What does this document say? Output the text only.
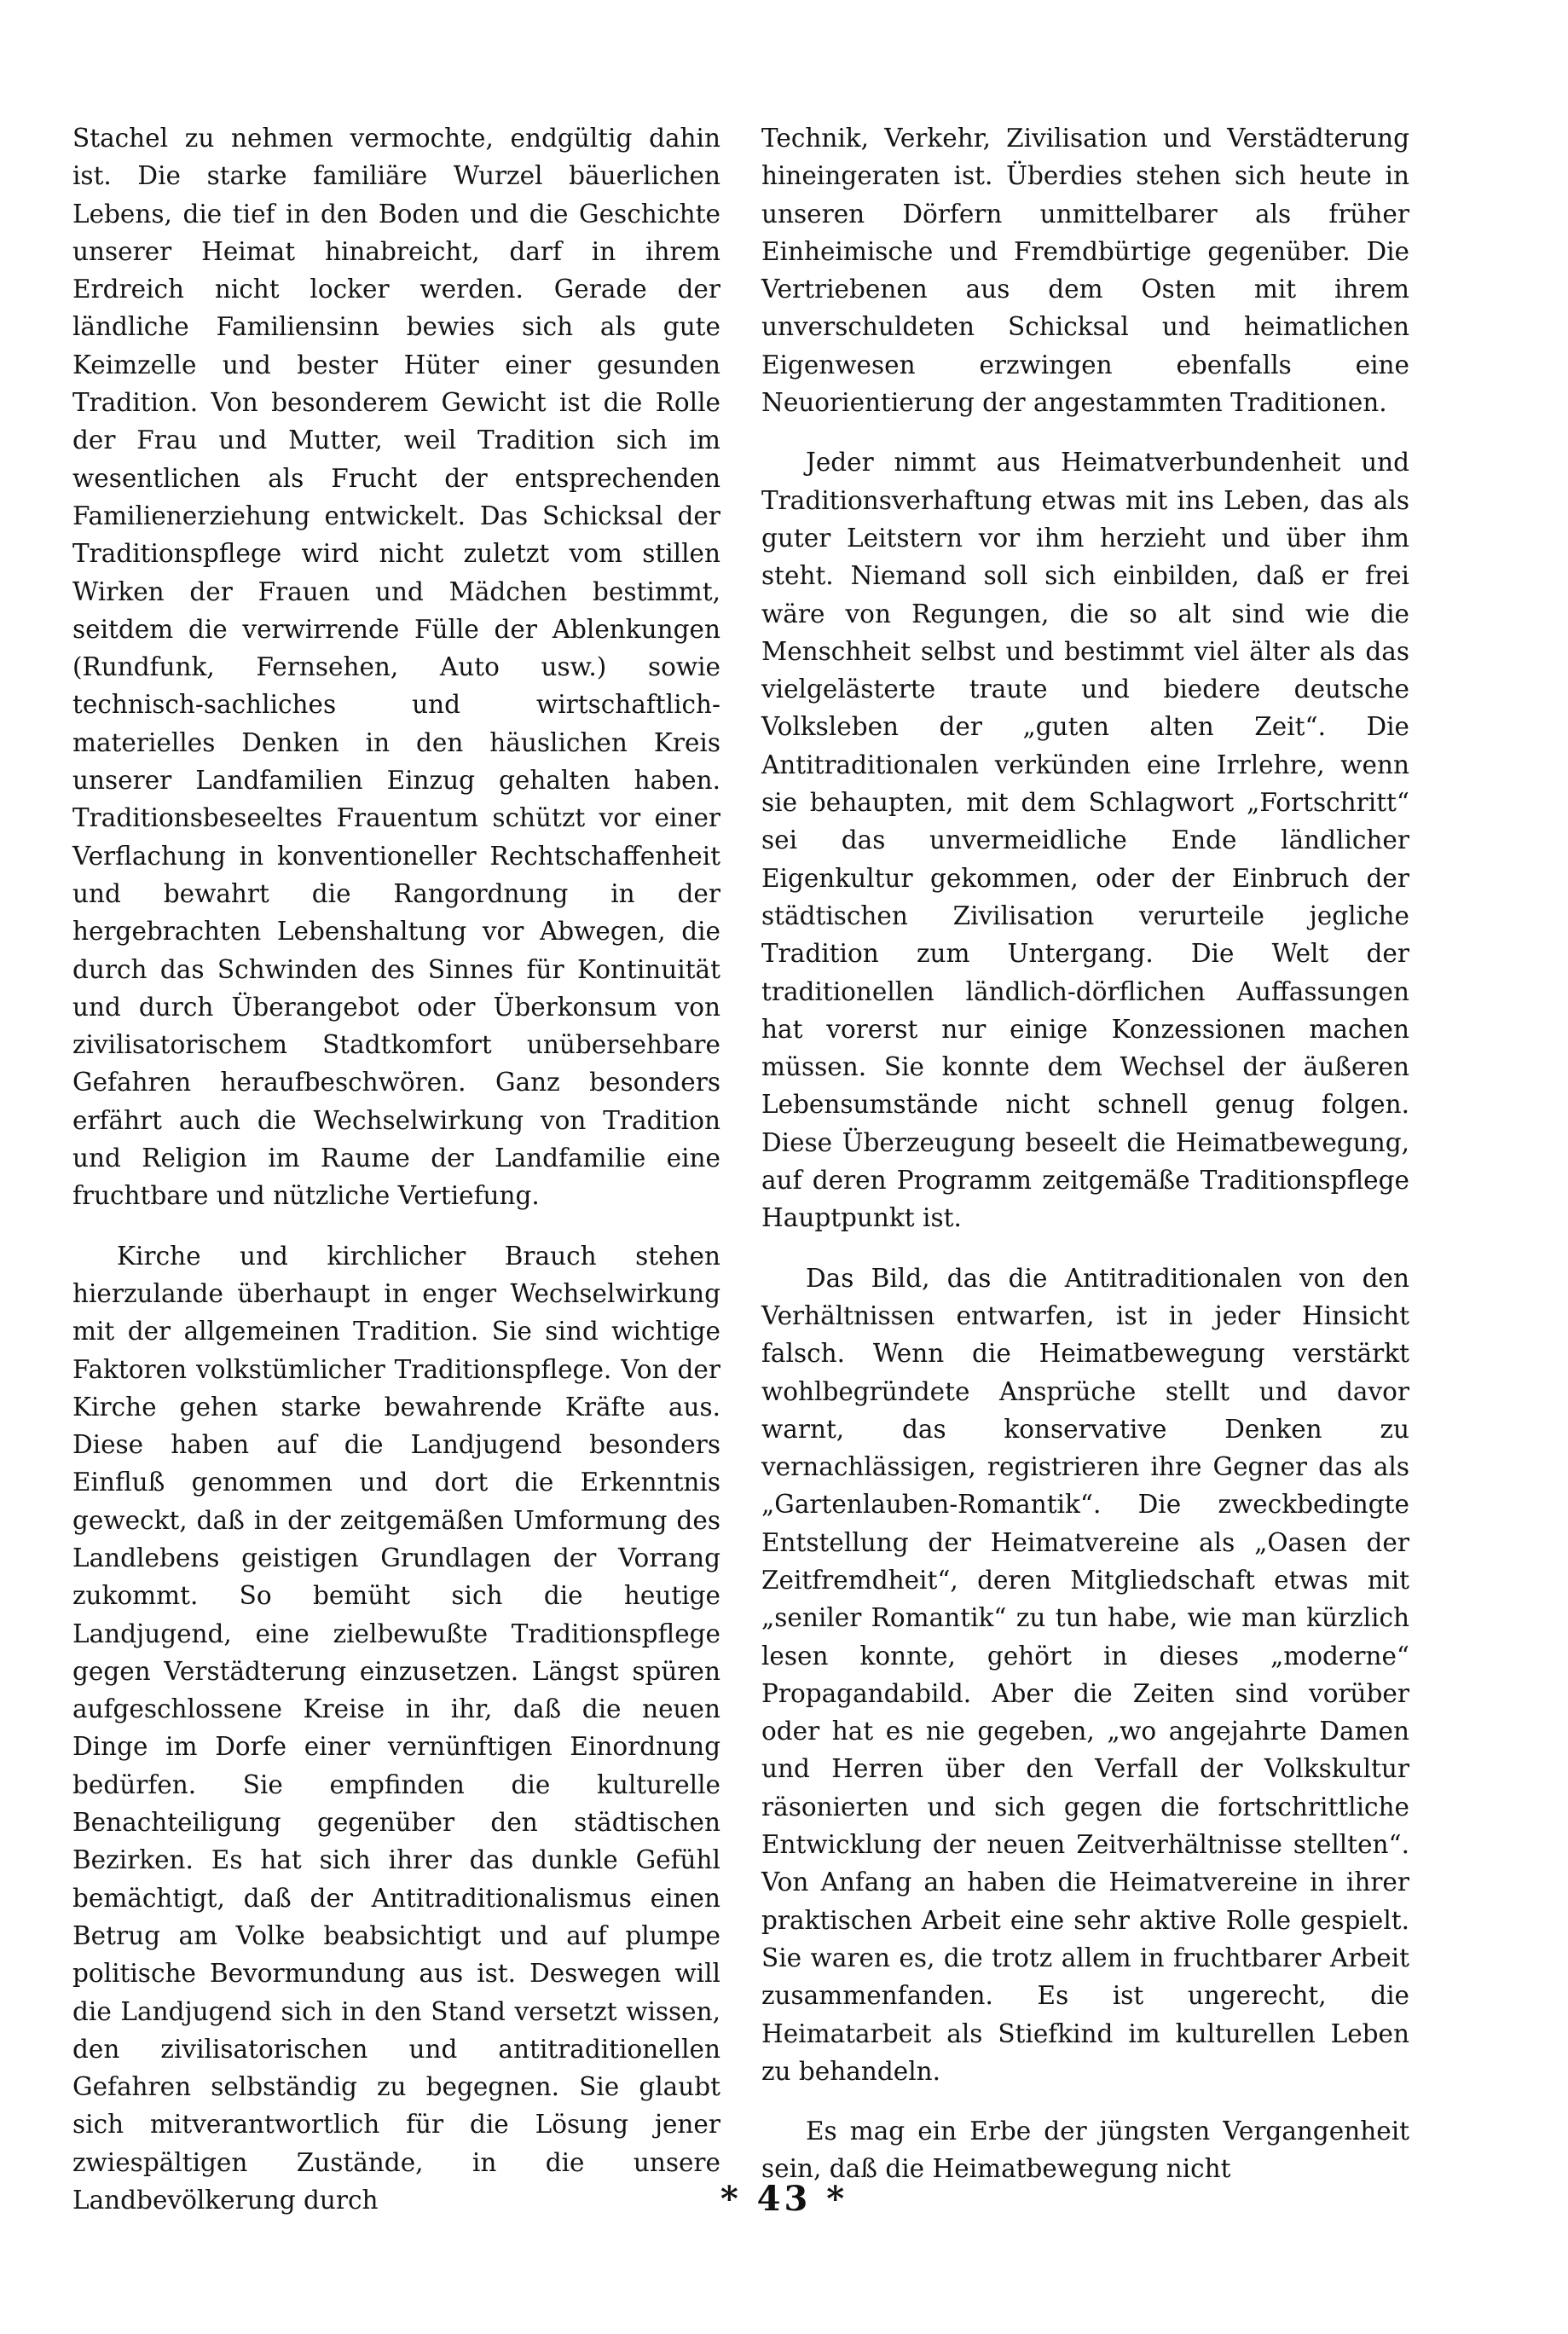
Stachel zu nehmen vermochte, endgültig dahin ist. Die starke familiäre Wurzel bäuerlichen Lebens, die tief in den Boden und die Geschichte unserer Heimat hinabreicht, darf in ihrem Erdreich nicht locker werden. Gerade der ländliche Familiensinn bewies sich als gute Keimzelle und bester Hüter einer gesunden Tradition. Von besonderem Gewicht ist die Rolle der Frau und Mutter, weil Tradition sich im wesentlichen als Frucht der entsprechenden Familienerziehung entwickelt. Das Schicksal der Traditionspflege wird nicht zuletzt vom stillen Wirken der Frauen und Mädchen bestimmt, seitdem die verwirrende Fülle der Ablenkungen (Rundfunk, Fernsehen, Auto usw.) sowie technisch-sachliches und wirtschaftlich-materielles Denken in den häuslichen Kreis unserer Landfamilien Einzug gehalten haben. Traditionsbeseeltes Frauentum schützt vor einer Verflachung in konventioneller Rechtschaffenheit und bewahrt die Rangordnung in der hergebrachten Lebenshaltung vor Abwegen, die durch das Schwinden des Sinnes für Kontinuität und durch Überangebot oder Überkonsum von zivilisatorischem Stadtkomfort unübersehbare Gefahren heraufbeschwören. Ganz besonders erfährt auch die Wechselwirkung von Tradition und Religion im Raume der Landfamilie eine fruchtbare und nützliche Vertiefung.

Kirche und kirchlicher Brauch stehen hierzulande überhaupt in enger Wechselwirkung mit der allgemeinen Tradition. Sie sind wichtige Faktoren volkstümlicher Traditionspflege. Von der Kirche gehen starke bewahrende Kräfte aus. Diese haben auf die Landjugend besonders Einfluß genommen und dort die Erkenntnis geweckt, daß in der zeitgemäßen Umformung des Landlebens geistigen Grundlagen der Vorrang zukommt. So bemüht sich die heutige Landjugend, eine zielbewußte Traditionspflege gegen Verstädterung einzusetzen. Längst spüren aufgeschlossene Kreise in ihr, daß die neuen Dinge im Dorfe einer vernünftigen Einordnung bedürfen. Sie empfinden die kulturelle Benachteiligung gegenüber den städtischen Bezirken. Es hat sich ihrer das dunkle Gefühl bemächtigt, daß der Antitraditionalismus einen Betrug am Volke beabsichtigt und auf plumpe politische Bevormundung aus ist. Deswegen will die Landjugend sich in den Stand versetzt wissen, den zivilisatorischen und antitraditionellen Gefahren selbständig zu begegnen. Sie glaubt sich mitverantwortlich für die Lösung jener zwiespältigen Zustände, in die unsere Landbevölkerung durch

Technik, Verkehr, Zivilisation und Verstädterung hineingeraten ist. Überdies stehen sich heute in unseren Dörfern unmittelbarer als früher Einheimische und Fremdbürtige gegenüber. Die Vertriebenen aus dem Osten mit ihrem unverschuldeten Schicksal und heimatlichen Eigenwesen erzwingen ebenfalls eine Neuorientierung der angestammten Traditionen.

Jeder nimmt aus Heimatverbundenheit und Traditionsverhaftung etwas mit ins Leben, das als guter Leitstern vor ihm herzieht und über ihm steht. Niemand soll sich einbilden, daß er frei wäre von Regungen, die so alt sind wie die Menschheit selbst und bestimmt viel älter als das vielgelästerte traute und biedere deutsche Volksleben der „guten alten Zeit“. Die Antitraditionalen verkünden eine Irrlehre, wenn sie behaupten, mit dem Schlagwort „Fortschritt“ sei das unvermeidliche Ende ländlicher Eigenkultur gekommen, oder der Einbruch der städtischen Zivilisation verurteile jegliche Tradition zum Untergang. Die Welt der traditionellen ländlich-dörflichen Auffassungen hat vorerst nur einige Konzessionen machen müssen. Sie konnte dem Wechsel der äußeren Lebensumstände nicht schnell genug folgen. Diese Überzeugung beseelt die Heimatbewegung, auf deren Programm zeitgemäße Traditionspflege Hauptpunkt ist.

Das Bild, das die Antitraditionalen von den Verhältnissen entwarfen, ist in jeder Hinsicht falsch. Wenn die Heimatbewegung verstärkt wohlbegründete Ansprüche stellt und davor warnt, das konservative Denken zu vernachlässigen, registrieren ihre Gegner das als „Gartenlauben-Romantik“. Die zweckbedingte Entstellung der Heimatvereine als „Oasen der Zeitfremdheit“, deren Mitgliedschaft etwas mit „seniler Romantik“ zu tun habe, wie man kürzlich lesen konnte, gehört in dieses „moderne“ Propagandabild. Aber die Zeiten sind vorüber oder hat es nie gegeben, „wo angejahrte Damen und Herren über den Verfall der Volkskultur räsonierten und sich gegen die fortschrittliche Entwicklung der neuen Zeitverhältnisse stellten“. Von Anfang an haben die Heimatvereine in ihrer praktischen Arbeit eine sehr aktive Rolle gespielt. Sie waren es, die trotz allem in fruchtbarer Arbeit zusammenfanden. Es ist ungerecht, die Heimatarbeit als Stiefkind im kulturellen Leben zu behandeln.

Es mag ein Erbe der jüngsten Vergangenheit sein, daß die Heimatbewegung nicht

* 43 *
